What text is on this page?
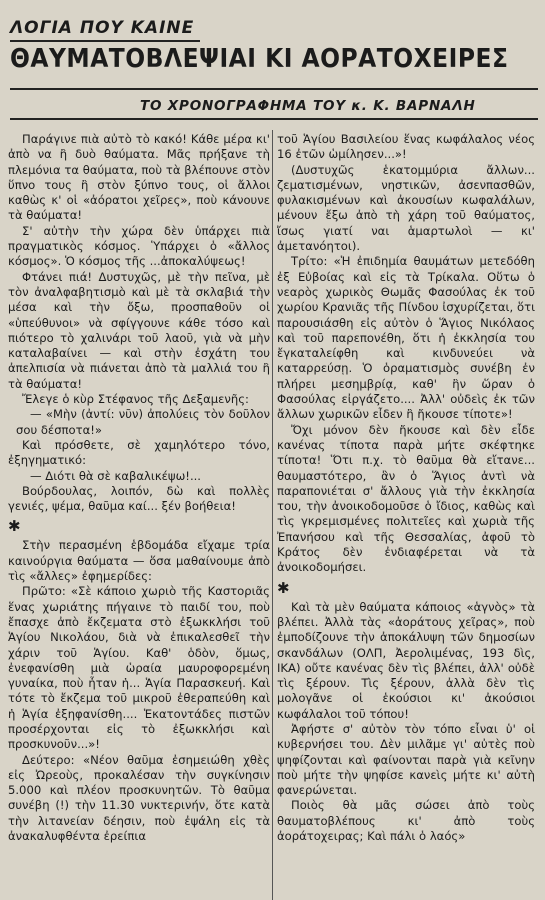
ΛΟΓΙΑ ΠΟΥ ΚΑΙΝΕ
ΘΑΥΜΑΤΟΒΛΕΨΙΑΙ ΚΙ ΑΟΡΑΤΟΧΕΙΡΕΣ
ΤΟ ΧΡΟΝΟΓΡΑΦΗΜΑ ΤΟΥ κ. Κ. ΒΑΡΝΑΛΗ

Παράγινε πιὰ αὐτὸ τὸ κακό! Κάθε μέρα κι' ἀπὸ να ἢ δυὸ θαύματα. Μᾶς πρήξανε τὴ πλεμόνια τα θαύματα, ποὺ τὰ βλέπουνε στὸν ὕπνο τους ἢ στὸν ξύπνο τους, οἱ ἄλλοι καθὼς κ' οἱ «ἀόρατοι χεῖρες», ποὺ κάνουνε τὰ θαύματα!

Σ' αὐτὴν τὴν χώρα δὲν ὑπάρχει πιὰ πραγματικὸς κόσμος. Ὑπάρχει ὁ «ἄλλος κόσμος». Ὁ κόσμος τῆς ...ἀποκαλύψεως!

Φτάνει πιά! Δυστυχῶς, μὲ τὴν πεῖνα, μὲ τὸν ἀναλφαβητισμὸ καὶ μὲ τὰ σκλαβιά τὴν μέσα καὶ τὴν ὄξω, προσπαθοῦν οἱ «ὑπεύθυνοι» νὰ σφίγγουνε κάθε τόσο καὶ πιότερο τὸ χαλινάρι τοῦ λαοῦ, γιὰ νὰ μὴν καταλαβαίνει — καὶ στὴν ἐσχάτη του ἀπελπισία νὰ πιάνεται ἀπὸ τὰ μαλλιά του ἢ τὰ θαύματα!

Ἔλεγε ὁ κὺρ Στέφανος τῆς Δεξαμενῆς:

— «Μὴν (ἀντί: νῦν) ἀπολύεις τὸν δοῦλον σου δέσποτα!»

Καὶ πρόσθετε, σὲ χαμηλότερο τόνο, ἐξηγηματικό:

— Διότι θὰ σὲ καβαλικέψω!...

Βούρδουλας, λοιπόν, δὼ καὶ πολλὲς γενιές, ψέμα, θαῦμα καί... ξέν βοήθεια!

✱

Στὴν περασμένη ἑβδομάδα εἴχαμε τρία καινούργια θαύματα — ὅσα μαθαίνουμε ἀπὸ τὶς «ἄλλες» ἐφημερίδες:

Πρῶτο: «Σὲ κάποιο χωριὸ τῆς Καστοριᾶς ἕνας χωριάτης πήγαινε τὸ παιδί του, ποὺ ἔπασχε ἀπὸ ἔκζεματα στὸ ἐξωκκλήσι τοῦ Ἁγίου Νικολάου, διὰ νὰ ἐπικαλεσθεῖ τὴν χάριν τοῦ Ἁγίου. Καθ' ὁδὸν, ὅμως, ἐνεφανίσθη μιὰ ὡραία μαυροφορεμένη γυναίκα, ποὺ ἦταν ἡ... Ἁγία Παρασκευή. Καὶ τότε τὸ ἔκζεμα τοῦ μικροῦ ἐθεραπεύθη καὶ ἡ Ἁγία ἐξηφανίσθη.... Ἑκατοντάδες πιστῶν προσέρχονται εἰς τὸ ἐξωκκλήσι καὶ προσκυνοῦν...»!

Δεύτερο: «Νέον θαῦμα ἐσημειώθη χθὲς εἰς Ὠρεοὺς, προκαλέσαν τὴν συγκίνησιν 5.000 καὶ πλέον προσκυνητῶν. Τὸ θαῦμα συνέβη (!) τὴν 11.30 νυκτερινήν, ὅτε κατὰ τὴν λιτανείαν δέησιν, ποὺ ἐψάλη εἰς τὰ ἀνακαλυφθέντα ἐρείπια

τοῦ Ἁγίου Βασιλείου ἕνας κωφάλαλος νέος 16 ἐτῶν ὡμίλησεν...»!

(Δυστυχῶς ἑκατομμύρια ἄλλων... ζεματισμένων, νηστικῶν, ἀσενπασθῶν, φυλακισμένων καὶ ἀκουσίων κωφαλάλων, μένουν ἔξω ἀπὸ τὴ χάρη τοῦ θαύματος, ἴσως γιατί ναι ἁμαρτωλοὶ — κι' ἀμετανόητοι).

Τρίτο: «Ἡ ἐπιδημία θαυμάτων μετεδόθη ἐξ Εὐβοίας καὶ εἰς τὰ Τρίκαλα. Οὕτω ὁ νεαρὸς χωρικὸς Θωμᾶς Φασούλας ἐκ τοῦ χωρίου Κρανιᾶς τῆς Πίνδου ἰσχυρίζεται, ὅτι παρουσιάσθη εἰς αὐτὸν ὁ Ἅγιος Νικόλαος καὶ τοῦ παρεπονέθη, ὅτι ἡ ἐκκλησία του ἔγκαταλείφθη καὶ κινδυνεύει νὰ καταρρεύσῃ. Ὁ ὁραματισμὸς συνέβη ἐν πλήρει μεσημβρίᾳ, καθ' ἣν ὥραν ὁ Φασούλας εἰργάζετο.... Ἀλλ' οὐδεὶς ἐκ τῶν ἄλλων χωρικῶν εἶδεν ἢ ἤκουσε τίποτε»!

Ὄχι μόνον δὲν ἤκουσε καὶ δὲν εἶδε κανένας τίποτα παρὰ μήτε σκέφτηκε τίποτα! Ὅτι π.χ. τὸ θαῦμα θὰ εἴτανε... θαυμαστότερο, ἂν ὁ Ἅγιος ἀντὶ νὰ παραπονιέται σ' ἄλλους γιὰ τὴν ἐκκλησία του, τὴν ἀνοικοδομοῦσε ὁ ἴδιος, καθὼς καὶ τὶς γκρεμισμένες πολιτεῖες καὶ χωριὰ τῆς Ἐπανήσου καὶ τῆς Θεσσαλίας, ἀφοῦ τὸ Κράτος δὲν ἐνδιαφέρεται νὰ τὰ ἀνοικοδομήσει.

✱

Καὶ τὰ μὲν θαύματα κάποιος «ἁγνὸς» τὰ βλέπει. Ἀλλὰ τὰς «ἀοράτους χεῖρας», ποὺ ἐμποδίζουνε τὴν ἀποκάλυψη τῶν δημοσίων σκανδάλων (ΟΛΠ, Ἀερολιμένας, 193 δὶς, ΙΚΑ) οὔτε κανένας δὲν τὶς βλέπει, ἀλλ' οὐδὲ τὶς ξέρουν. Τὶς ξέρουν, ἀλλὰ δὲν τὶς μολογᾶνε οἱ ἑκούσιοι κι' ἀκούσιοι κωφάλαλοι τοῦ τόπου!

Ἀφήστε σ' αὐτὸν τὸν τόπο εἶναι ὑ' οἱ κυβερνήσει του. Δὲν μιλᾶμε γι' αὐτὲς ποὺ ψηφίζονται καὶ φαίνονται παρὰ γιὰ κεῖνην ποὺ μήτε τὴν ψηφίσε κανεὶς μήτε κι' αὐτὴ φανερώνεται.

Ποιὸς θὰ μᾶς σώσει ἀπὸ τοὺς θαυματοβλέπους κι' ἀπὸ τοὺς ἀοράτοχειρας; Καὶ πάλι ὁ λαός»
